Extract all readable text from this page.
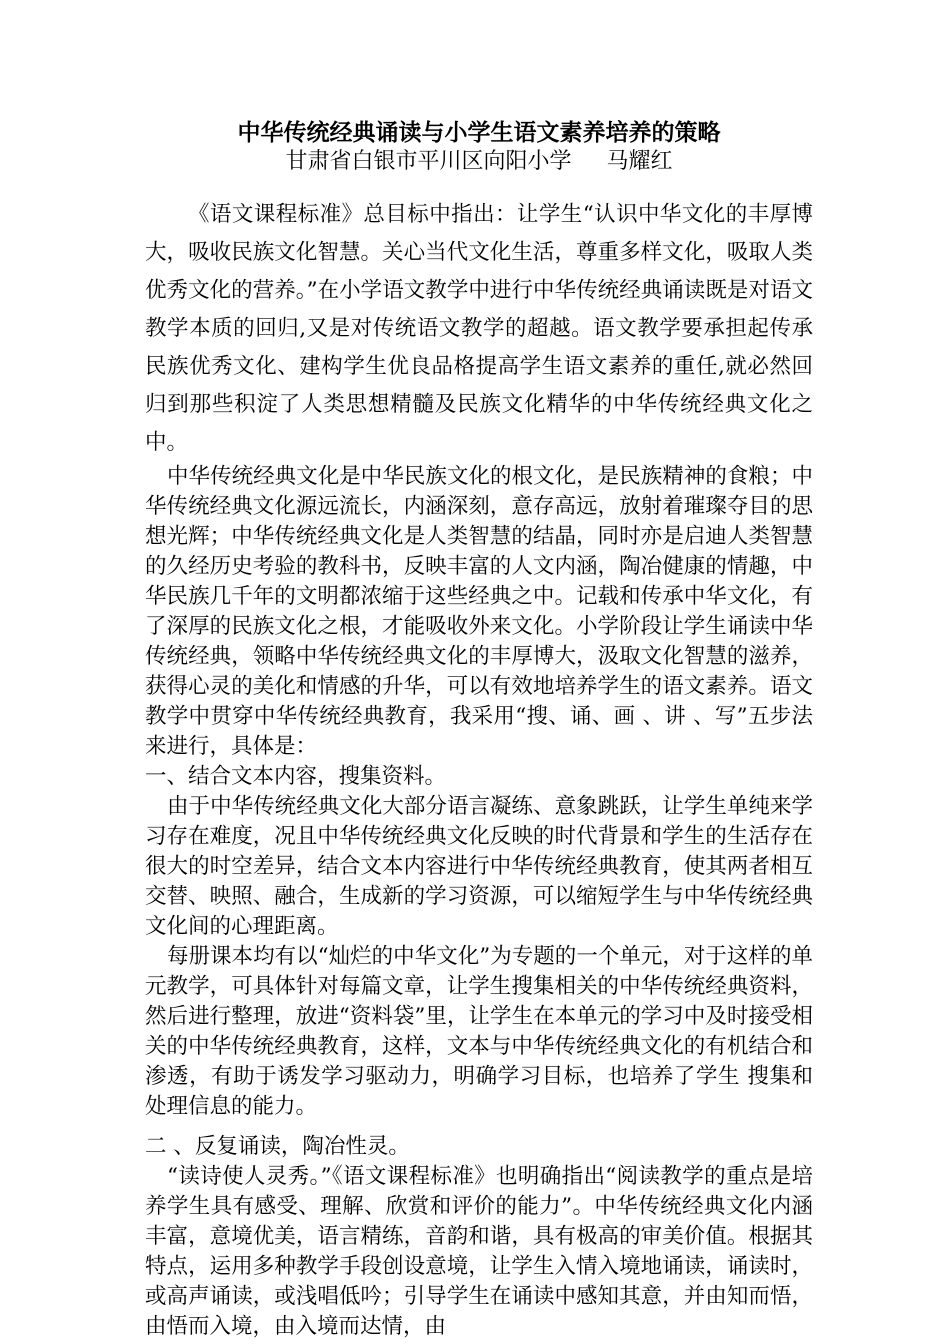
中华传统经典诵读与小学生语文素养培养的策略

甘肃省白银市平川区向阳小学     马耀红

《语文课程标准》总目标中指出：让学生“认识中华文化的丰厚博大，吸收民族文化智慧。关心当代文化生活，尊重多样文化，吸取人类优秀文化的营养。”在小学语文教学中进行中华传统经典诵读既是对语文教学本质的回归,又是对传统语文教学的超越。语文教学要承担起传承民族优秀文化、建构学生优良品格提高学生语文素养的重任,就必然回归到那些积淀了人类思想精髓及民族文化精华的中华传统经典文化之中。

中华传统经典文化是中华民族文化的根文化，是民族精神的食粮；中华传统经典文化源远流长，内涵深刻，意存高远，放射着璀璨夺目的思想光辉；中华传统经典文化是人类智慧的结晶，同时亦是启迪人类智慧的久经历史考验的教科书，反映丰富的人文内涵，陶冶健康的情趣，中华民族几千年的文明都浓缩于这些经典之中。记载和传承中华文化，有了深厚的民族文化之根，才能吸收外来文化。小学阶段让学生诵读中华传统经典，领略中华传统经典文化的丰厚博大，汲取文化智慧的滋养，获得心灵的美化和情感的升华，可以有效地培养学生的语文素养。语文教学中贯穿中华传统经典教育，我采用“搜、诵、画 、讲 、写”五步法来进行，具体是：

一、结合文本内容，搜集资料。

由于中华传统经典文化大部分语言凝练、意象跳跃，让学生单纯来学习存在难度，况且中华传统经典文化反映的时代背景和学生的生活存在很大的时空差异，结合文本内容进行中华传统经典教育，使其两者相互交替、映照、融合，生成新的学习资源，可以缩短学生与中华传统经典文化间的心理距离。

每册课本均有以“灿烂的中华文化”为专题的一个单元，对于这样的单元教学，可具体针对每篇文章，让学生搜集相关的中华传统经典资料，然后进行整理，放进“资料袋”里，让学生在本单元的学习中及时接受相关的中华传统经典教育，这样，文本与中华传统经典文化的有机结合和渗透，有助于诱发学习驱动力，明确学习目标，也培养了学生 搜集和处理信息的能力。

二 、反复诵读，陶冶性灵。

“读诗使人灵秀。”《语文课程标准》也明确指出“阅读教学的重点是培养学生具有感受、理解、欣赏和评价的能力”。中华传统经典文化内涵丰富，意境优美，语言精练，音韵和谐，具有极高的审美价值。根据其特点，运用多种教学手段创设意境，让学生入情入境地诵读，诵读时，或高声诵读，或浅唱低吟；引导学生在诵读中感知其意，并由知而悟，由悟而入境，由入境而达情，由
